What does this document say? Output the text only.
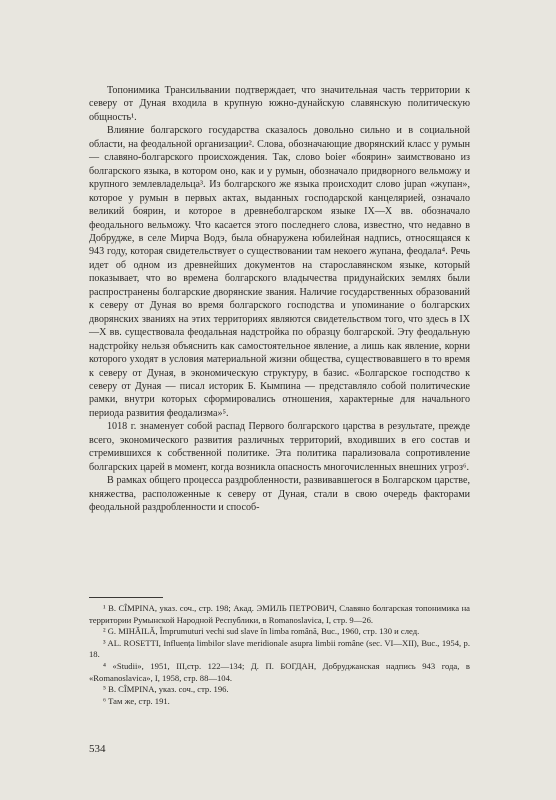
Топонимика Трансильвании подтверждает, что значительная часть территории к северу от Дуная входила в крупную южно-дунайскую славянскую политическую общность¹.

Влияние болгарского государства сказалось довольно сильно и в социальной области, на феодальной организации². Слова, обозначающие дворянский класс у румын — славяно-болгарского происхождения. Так, слово boier «боярин» заимствовано из болгарского языка, в котором оно, как и у румын, обозначало придворного вельможу и крупного землевладельца³. Из болгарского же языка происходит слово jupan «жупан», которое у румын в первых актах, выданных господарской канцелярией, означало великий боярин, и которое в древнеболгарском языке IX—X вв. обозначало феодального вельможу. Что касается этого последнего слова, известно, что недавно в Добрудже, в селе Мирча Водэ, была обнаружена юбилейная надпись, относящаяся к 943 году, которая свидетельствует о существовании там некоего жупана, феодала⁴. Речь идет об одном из древнейших документов на старославянском языке, который показывает, что во времена болгарского владычества придунайских землях были распространены болгарские дворянские звания. Наличие государственных образований к северу от Дуная во время болгарского господства и упоминание о болгарских дворянских званиях на этих территориях являются свидетельством того, что здесь в IX—X вв. существовала феодальная надстройка по образцу болгарской. Эту феодальную надстройку нельзя объяснить как самостоятельное явление, а лишь как явление, корни которого уходят в условия материальной жизни общества, существовавшего в то время к северу от Дуная, в экономическую структуру, в базис. «Болгарское господство к северу от Дуная — писал историк Б. Кымпина — представляло собой политические рамки, внутри которых сформировались отношения, характерные для начального периода развития феодализма»⁵.

1018 г. знаменует собой распад Первого болгарского царства в результате, прежде всего, экономического развития различных территорий, входивших в его состав и стремившихся к собственной политике. Эта политика парализовала сопротивление болгарских царей в момент, когда возникла опасность многочисленных внешних угроз⁶.

В рамках общего процесса раздробленности, развивавшегося в Болгарском царстве, княжества, расположенные к северу от Дуная, стали в свою очередь факторами феодальной раздробленности и способ-

¹ B. CÎMPINA, указ. соч., стр. 198; Акад. ЭМИЛЬ ПЕТРОВИЧ, Славяно болгарская топонимика на территории Румынской Народной Республики, в Romanoslavica, I, стр. 9—26.

² G. MIHĂILĂ, Împrumuturi vechi sud slave în limba română, Buc., 1960, стр. 130 и след.

³ AL. ROSETTI, Influența limbilor slave meridionale asupra limbii române (sec. VI—XII), Buc., 1954, p. 18.

⁴ «Studii», 1951, III,стр. 122—134; Д. П. БОГДАН, Добруджанская надпись 943 года, в «Romanoslavica», I, 1958, стр. 88—104.

⁵ B. CÎMPINA, указ. соч., стр. 196.

⁶ Там же, стр. 191.

534
